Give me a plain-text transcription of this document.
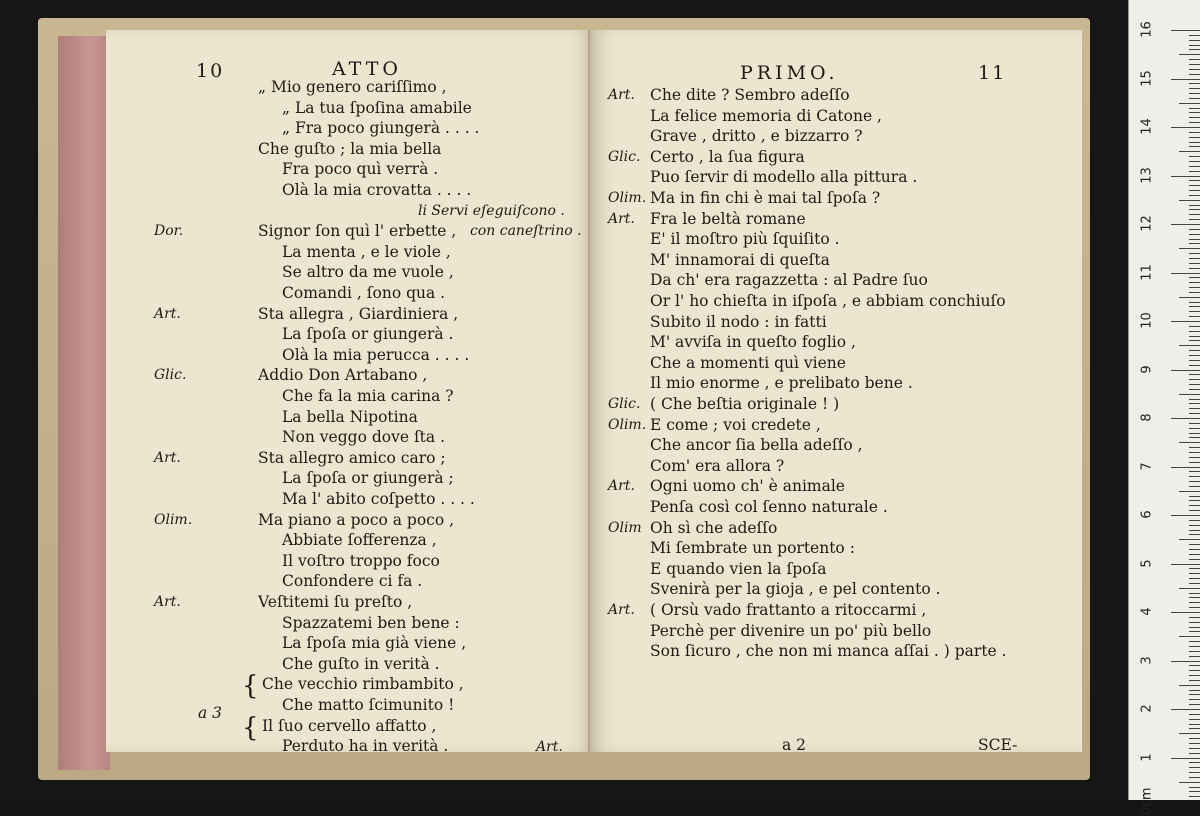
10	ATTO
„ Mio genero cariſſimo ,
„ La tua ſpoſina amabile
„ Fra poco giungerà . . . .
Che guſto ; la mia bella
Fra poco quì verrà .
Olà la mia crovatta . . . .
li Servi eſeguiſcono .
Dor.	Signor ſon quì l' erbette , con caneſtrino .
La menta , e le viole ,
Se altro da me vuole ,
Comandi , ſono qua .
Art.	Sta allegra , Giardiniera ,
La ſpoſa or giungerà .
Olà la mia perucca . . . .
Glic.	Addio Don Artabano ,
Che fa la mia carina ?
La bella Nipotina
Non veggo dove ſta .
Art.	Sta allegro amico caro ;
La ſpoſa or giungerà ;
Ma l' abito coſpetto . . . .
Olim.	Ma piano a poco a poco ,
Abbiate ſofferenza ,
Il voſtro troppo foco
Confondere ci fa .
Art.	Veſtitemi ſu preſto ,
Spazzatemi ben bene :
La ſpoſa mia già viene ,
Che guſto in verità .
Che vecchio rimbambito ,
Che matto ſcimunito !
Il ſuo cervello affatto ,
Perduto ha in verità .
{
{
a 3
Art.
PRIMO.	11
Art. Che dite ? Sembro adeſſo
La felice memoria di Catone ,
Grave , dritto , e bizzarro ?
Glic. Certo , la ſua figura
Puo ſervir di modello alla pittura .
Olim. Ma in fin chi è mai tal ſpoſa ?
Art. Fra le beltà romane
E' il moſtro più ſquiſito .
M' innamorai di queſta
Da ch' era ragazzetta : al Padre ſuo
Or l' ho chieſta in iſpoſa , e abbiam conchiuſo
Subito il nodo : in fatti
M' avviſa in queſto foglio ,
Che a momenti quì viene
Il mio enorme , e prelibato bene .
Glic. ( Che beſtia originale ! )
Olim. E come ; voi credete ,
Che ancor ſia bella adeſſo ,
Com' era allora ?
Art. Ogni uomo ch' è animale
Penſa così col ſenno naturale .
Olim Oh sì che adeſſo
Mi ſembrate un portento :
E quando vien la ſpoſa
Svenirà per la gioja , e pel contento .
Art. ( Orsù vado frattanto a ritoccarmi ,
Perchè per divenire un po' più bello
Son ſicuro , che non mi manca aſſai . ) parte .
a 2	SCE-
16
15
14
13
12
11
10
9
8
7
6
5
4
3
2
1
0cm
